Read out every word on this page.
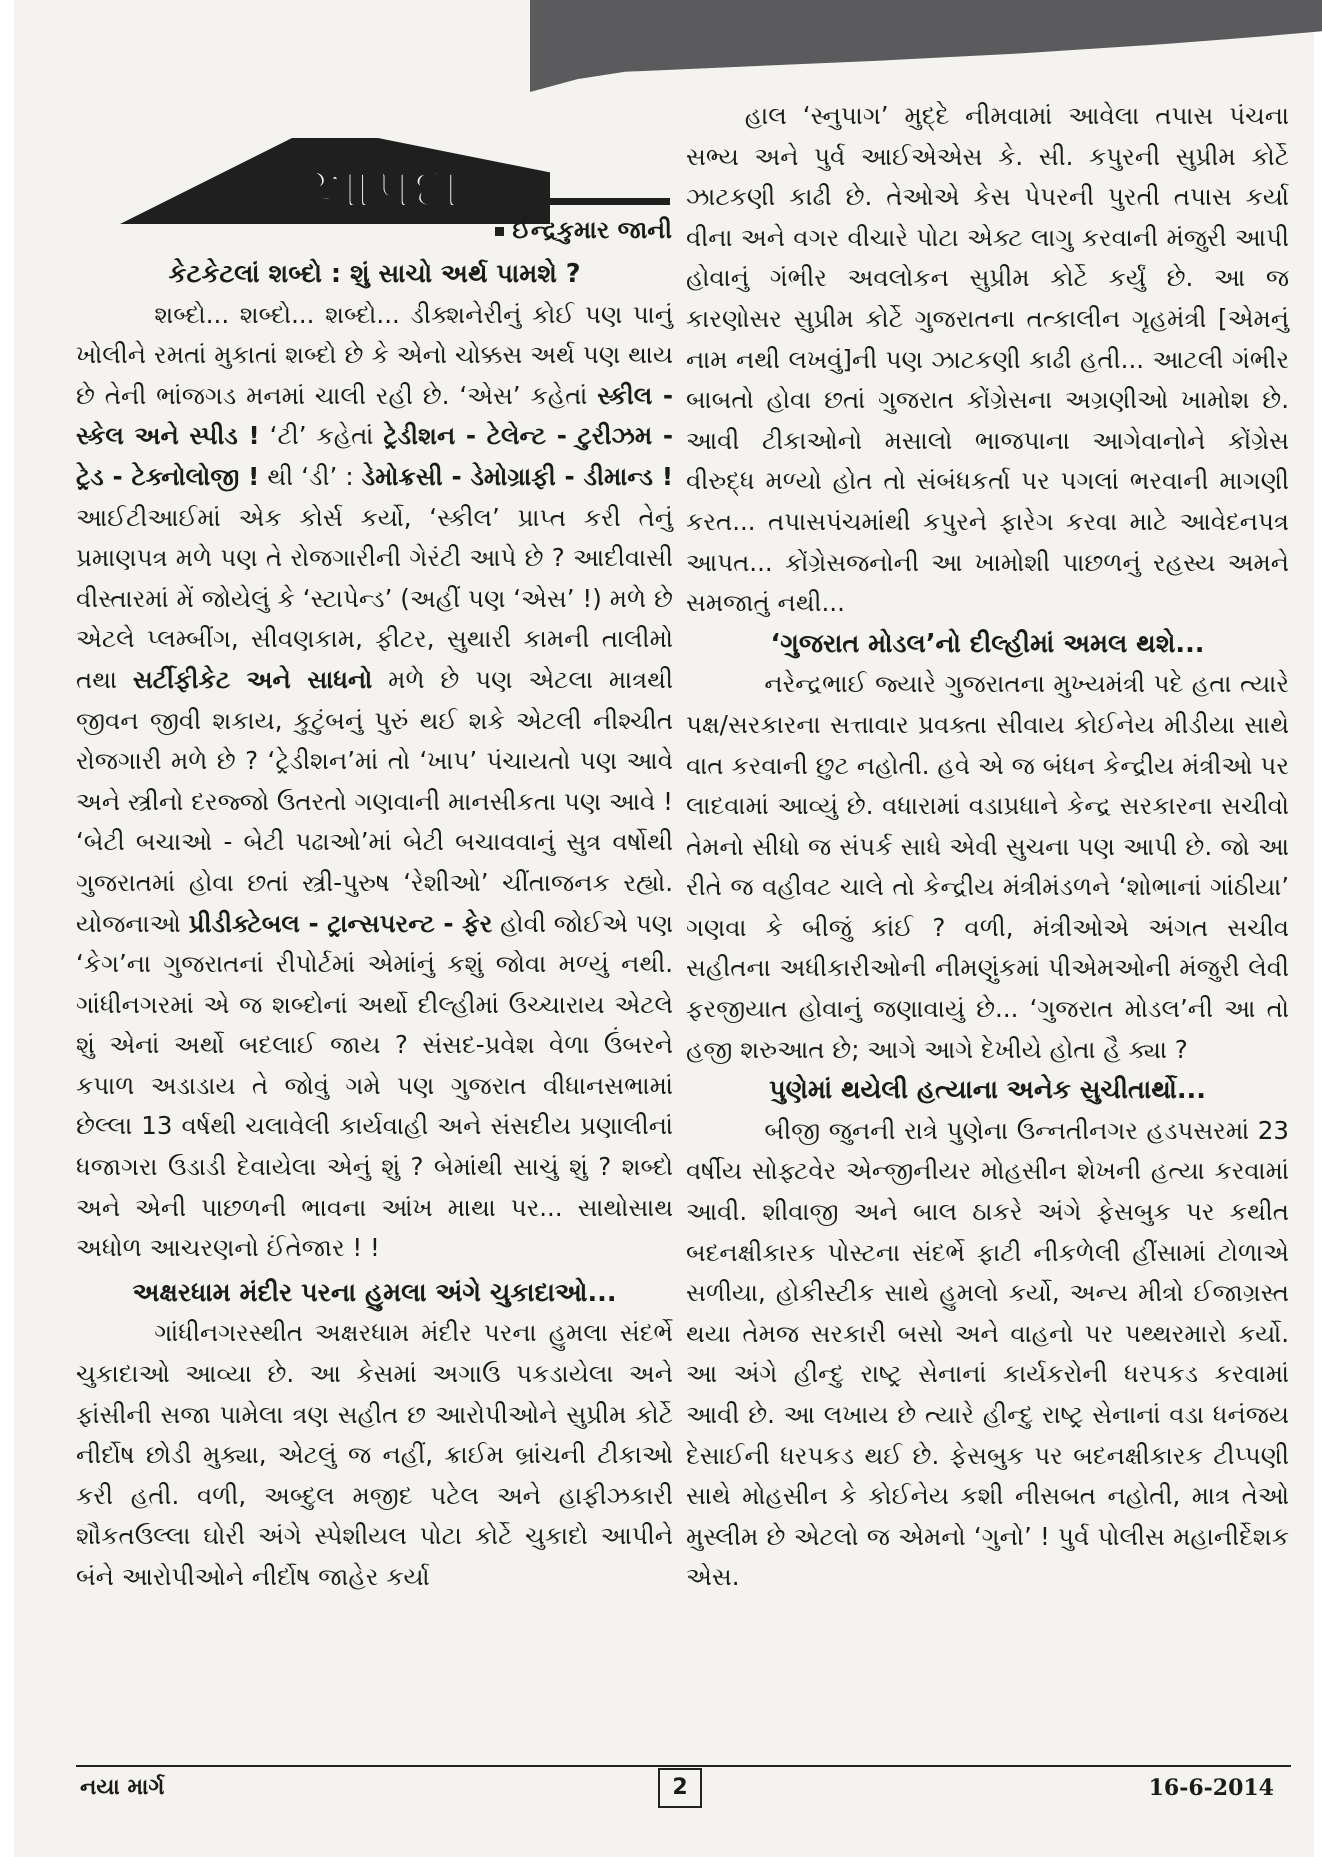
આપ્રદા
ઈન્દ્રકુમાર જાની

કેટકેટલાં શબ્દો : શું સાચો અર્થ પામશે ?

શબ્દો... શબ્દો... શબ્દો... ડીક્શનેરીનું કોઈ પણ પાનું ખોલીને રમતાં મુકાતાં શબ્દો છે કે એનો ચોક્કસ અર્થ પણ થાય છે તેની ભાંજગડ મનમાં ચાલી રહી છે. ‘એસ’ કહેતાં સ્કીલ - સ્કેલ અને સ્પીડ ! ‘ટી’ કહેતાં ટ્રેડીશન - ટેલેન્ટ - ટુરીઝમ - ટ્રેડ - ટેક્નોલોજી ! થી ‘ડી’ : ડેમોક્રસી - ડેમોગ્રાફી - ડીમાન્ડ ! આઈટીઆઈમાં એક કોર્સ કર્યો, ‘સ્કીલ’ પ્રાપ્ત કરી તેનું પ્રમાણપત્ર મળે પણ તે રોજગારીની ગેરંટી આપે છે ? આદીવાસી વીસ્તારમાં મેં જોયેલું કે ‘સ્ટાપેન્ડ’ (અહીં પણ ‘એસ’ !) મળે છે એટલે પ્લમ્બીંગ, સીવણકામ, ફીટર, સુથારી કામની તાલીમો તથા સર્ટીફીકેટ અને સાધનો મળે છે પણ એટલા માત્રથી જીવન જીવી શકાય, કુટુંબનું પુરું થઈ શકે એટલી નીશ્ચીત રોજગારી મળે છે ? ‘ટ્રેડીશન’માં તો ‘ખાપ’ પંચાયતો પણ આવે અને સ્ત્રીનો દરજ્જો ઉતરતો ગણવાની માનસીકતા પણ આવે ! ‘બેટી બચાઓ - બેટી પઢાઓ’માં બેટી બચાવવાનું સુત્ર વર્ષોથી ગુજરાતમાં હોવા છતાં સ્ત્રી-પુરુષ ‘રેશીઓ’ ચીંતાજનક રહ્યો. યોજનાઓ પ્રીડીક્ટેબલ - ટ્રાન્સપરન્ટ - ફેર હોવી જોઈએ પણ ‘કેગ’ના ગુજરાતનાં રીપોર્ટમાં એમાંનું કશું જોવા મળ્યું નથી. ગાંધીનગરમાં એ જ શબ્દોનાં અર્થો દીલ્હીમાં ઉચ્ચારાય એટલે શું એનાં અર્થો બદલાઈ જાય ? સંસદ-પ્રવેશ વેળા ઉંબરને કપાળ અડાડાય તે જોવું ગમે પણ ગુજરાત વીધાનસભામાં છેલ્લા 13 વર્ષથી ચલાવેલી કાર્યવાહી અને સંસદીય પ્રણાલીનાં ધજાગરા ઉડાડી દેવાયેલા એનું શું ? બેમાંથી સાચું શું ? શબ્દો અને એની પાછળની ભાવના આંખ માથા પર... સાથોસાથ અધોળ આચરણનો ઈંતેજાર ! !

અક્ષરધામ મંદીર પરના હુમલા અંગે ચુકાદાઓ...

ગાંધીનગરસ્થીત અક્ષરધામ મંદીર પરના હુમલા સંદર્ભે ચુકાદાઓ આવ્યા છે. આ કેસમાં અગાઉ પકડાયેલા અને ફાંસીની સજા પામેલા ત્રણ સહીત છ આરોપીઓને સુપ્રીમ કોર્ટે નીર્દોષ છોડી મુક્યા, એટલું જ નહીં, ક્રાઈમ બ્રાંચની ટીકાઓ કરી હતી. વળી, અબ્દુલ મજીદ પટેલ અને હાફીઝકારી શૌકતઉલ્લા ઘોરી અંગે સ્પેશીયલ પોટા કોર્ટે ચુકાદો આપીને બંને આરોપીઓને નીર્દોષ જાહેર કર્યા

હાલ ‘સ્નુપાગ’ મુદ્દે નીમવામાં આવેલા તપાસ પંચના સભ્ય અને પુર્વ આઈએએસ કે. સી. કપુરની સુપ્રીમ કોર્ટે ઝાટકણી કાઢી છે. તેઓએ કેસ પેપરની પુરતી તપાસ કર્યા વીના અને વગર વીચારે પોટા એક્ટ લાગુ કરવાની મંજુરી આપી હોવાનું ગંભીર અવલોકન સુપ્રીમ કોર્ટે કર્યું છે. આ જ કારણોસર સુપ્રીમ કોર્ટે ગુજરાતના તત્કાલીન ગૃહમંત્રી [એમનું નામ નથી લખવું]ની પણ ઝાટકણી કાઢી હતી... આટલી ગંભીર બાબતો હોવા છતાં ગુજરાત કોંગ્રેસના અગ્રણીઓ ખામોશ છે. આવી ટીકાઓનો મસાલો ભાજપાના આગેવાનોને કોંગ્રેસ વીરુદ્ધ મળ્યો હોત તો સંબંધકર્તા પર પગલાં ભરવાની માગણી કરત... તપાસપંચમાંથી કપુરને ફારેગ કરવા માટે આવેદનપત્ર આપત... કોંગ્રેસજનોની આ ખામોશી પાછળનું રહસ્ય અમને સમજાતું નથી...

‘ગુજરાત મોડલ’નો દીલ્હીમાં અમલ થશે...

નરેન્દ્રભાઈ જ્યારે ગુજરાતના મુખ્યમંત્રી પદે હતા ત્યારે પક્ષ/સરકારના સત્તાવાર પ્રવક્તા સીવાય કોઈનેય મીડીયા સાથે વાત કરવાની છુટ નહોતી. હવે એ જ બંધન કેન્દ્રીય મંત્રીઓ પર લાદવામાં આવ્યું છે. વધારામાં વડાપ્રધાને કેન્દ્ર સરકારના સચીવો તેમનો સીધો જ સંપર્ક સાધે એવી સુચના પણ આપી છે. જો આ રીતે જ વહીવટ ચાલે તો કેન્દ્રીય મંત્રીમંડળને ‘શોભાનાં ગાંઠીયા’ ગણવા કે બીજું કાંઈ ? વળી, મંત્રીઓએ અંગત સચીવ સહીતના અધીકારીઓની નીમણુંકમાં પીએમઓની મંજુરી લેવી ફરજીયાત હોવાનું જણાવાયું છે... ‘ગુજરાત મોડલ’ની આ તો હજી શરુઆત છે; આગે આગે દેખીયે હોતા હૈ ક્યા ?

પુણેમાં થયેલી હત્યાના અનેક સુચીતાર્થો...

બીજી જુનની રાત્રે પુણેના ઉન્નતીનગર હડપસરમાં 23 વર્ષીય સોફ્ટવેર એન્જીનીયર મોહસીન શેખની હત્યા કરવામાં આવી. શીવાજી અને બાલ ઠાકરે અંગે ફેસબુક પર કથીત બદનક્ષીકારક પોસ્ટના સંદર્ભે ફાટી નીકળેલી હીંસામાં ટોળાએ સળીયા, હોકીસ્ટીક સાથે હુમલો કર્યો, અન્ય મીત્રો ઈજાગ્રસ્ત થયા તેમજ સરકારી બસો અને વાહનો પર પથ્થરમારો કર્યો. આ અંગે હીન્દુ રાષ્ટ્ર સેનાનાં કાર્યકરોની ધરપકડ કરવામાં આવી છે. આ લખાય છે ત્યારે હીન્દુ રાષ્ટ્ર સેનાનાં વડા ધનંજય દેસાઈની ધરપકડ થઈ છે. ફેસબુક પર બદનક્ષીકારક ટીપ્પણી સાથે મોહસીન કે કોઈનેય કશી નીસબત નહોતી, માત્ર તેઓ મુસ્લીમ છે એટલો જ એમનો ‘ગુનો’ ! પુર્વ પોલીસ મહાનીર્દેશક એસ.

નયા માર્ગ	2	16-6-2014
